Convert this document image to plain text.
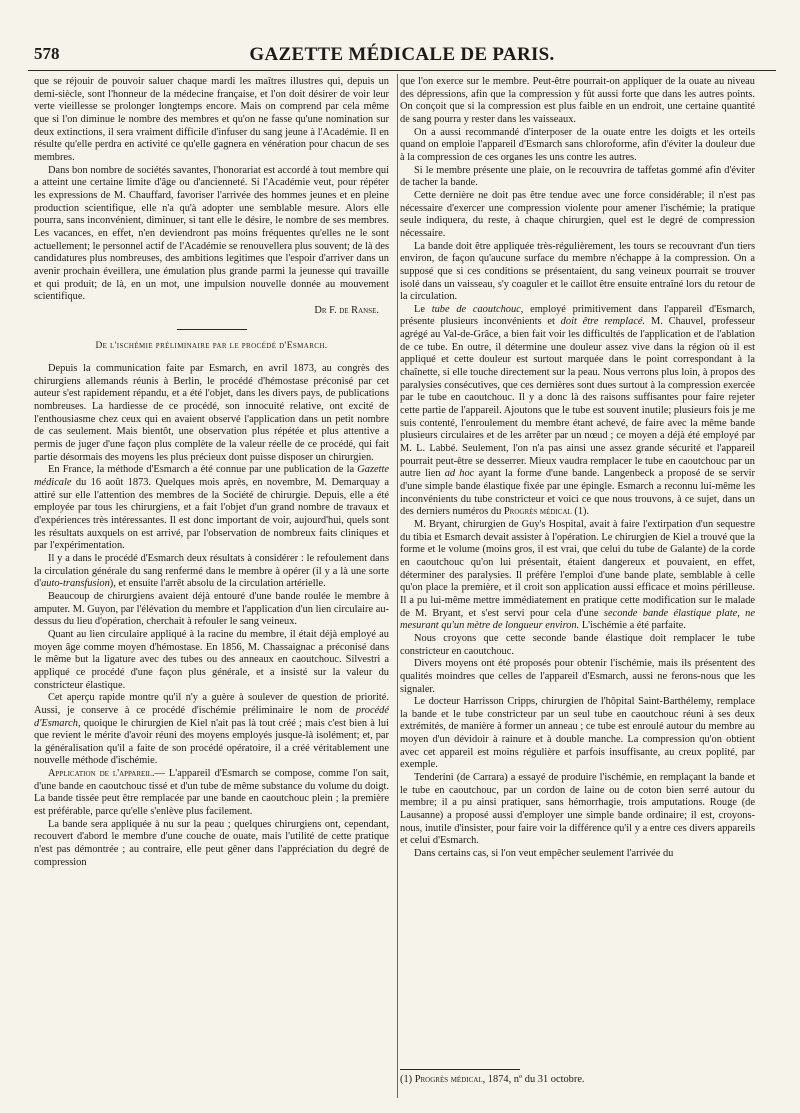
578	GAZETTE MÉDICALE DE PARIS.

que se réjouir de pouvoir saluer chaque mardi les maîtres illustres qui, depuis un demi-siècle, sont l'honneur de la médecine française, et l'on doit désirer de voir leur verte vieillesse se prolonger longtemps encore. Mais on comprend par cela même que si l'on diminue le nombre des membres et qu'on ne fasse qu'une nomination sur deux extinctions, il sera vraiment difficile d'infuser du sang jeune à l'Académie. Il en résulte qu'elle perdra en activité ce qu'elle gagnera en vénération pour chacun de ses membres.

Dans bon nombre de sociétés savantes, l'honorariat est accordé à tout membre qui a atteint une certaine limite d'âge ou d'ancienneté. Si l'Académie veut, pour répéter les expressions de M. Chauffard, favoriser l'arrivée des hommes jeunes et en pleine production scientifique, elle n'a qu'à adopter une semblable mesure. Alors elle pourra, sans inconvénient, diminuer, si tant elle le désire, le nombre de ses membres. Les vacances, en effet, n'en deviendront pas moins fréquentes qu'elles ne le sont actuellement; le personnel actif de l'Académie se renouvellera plus souvent; de là des candidatures plus nombreuses, des ambitions legitimes que l'espoir d'arriver dans un avenir prochain éveillera, une émulation plus grande parmi la jeunesse qui travaille et qui produit; de là, en un mot, une impulsion nouvelle donnée au mouvement scientifique.

Dr F. de Ranse.

De l'ischémie préliminaire par le procédé d'Esmarch.

Depuis la communication faite par Esmarch, en avril 1873, au congrès des chirurgiens allemands réunis à Berlin, le procédé d'hémostase préconisé par cet auteur s'est rapidement répandu, et a été l'objet, dans les divers pays, de publications nombreuses. La hardiesse de ce procédé, son innocuité relative, ont excité de l'enthousiasme chez ceux qui en avaient observé l'application dans un petit nombre de cas seulement. Mais bientôt, une observation plus répétée et plus attentive a permis de juger d'une façon plus complète de la valeur réelle de ce procédé, qui fait partie désormais des moyens les plus précieux dont puisse disposer un chirurgien.

En France, la méthode d'Esmarch a été connue par une publication de la Gazette médicale du 16 août 1873. Quelques mois après, en novembre, M. Demarquay a attiré sur elle l'attention des membres de la Société de chirurgie. Depuis, elle a été employée par tous les chirurgiens, et a fait l'objet d'un grand nombre de travaux et d'expériences très intéressantes. Il est donc important de voir, aujourd'hui, quels sont les résultats auxquels on est arrivé, par l'observation de nombreux faits cliniques et par l'expérimentation.

Il y a dans le procédé d'Esmarch deux résultats à considérer : le refoulement dans la circulation générale du sang renfermé dans le membre à opérer (il y a là une sorte d'auto-transfusion), et ensuite l'arrêt absolu de la circulation artérielle.

Beaucoup de chirurgiens avaient déjà entouré d'une bande roulée le membre à amputer. M. Guyon, par l'élévation du membre et l'application d'un lien circulaire au-dessus du lieu d'opération, cherchait à refouler le sang veineux.

Quant au lien circulaire appliqué à la racine du membre, il était déjà employé au moyen âge comme moyen d'hémostase. En 1856, M. Chassaignac a préconisé dans le même but la ligature avec des tubes ou des anneaux en caoutchouc. Silvestri a appliqué ce procédé d'une façon plus générale, et a insisté sur la valeur du constricteur élastique.

Cet aperçu rapide montre qu'il n'y a guère à soulever de question de priorité. Aussi, je conserve à ce procédé d'ischémie préliminaire le nom de procédé d'Esmarch, quoique le chirurgien de Kiel n'ait pas là tout créé ; mais c'est bien à lui que revient le mérite d'avoir réuni des moyens employés jusque-là isolément; et, par la généralisation qu'il a faite de son procédé opératoire, il a créé véritablement une nouvelle méthode d'ischémie.

Application de l'appareil.— L'appareil d'Esmarch se compose, comme l'on sait, d'une bande en caoutchouc tissé et d'un tube de même substance du volume du doigt. La bande tissée peut être remplacée par une bande en caoutchouc plein ; la première est préférable, parce qu'elle s'enlève plus facilement.

La bande sera appliquée à nu sur la peau ; quelques chirurgiens ont, cependant, recouvert d'abord le membre d'une couche de ouate, mais l'utilité de cette pratique n'est pas démontrée ; au contraire, elle peut gêner dans l'appréciation du degré de compression

que l'on exerce sur le membre. Peut-être pourrait-on appliquer de la ouate au niveau des dépressions, afin que la compression y fût aussi forte que dans les autres points. On conçoit que si la compression est plus faible en un endroit, une certaine quantité de sang pourra y rester dans les vaisseaux.

On a aussi recommandé d'interposer de la ouate entre les doigts et les orteils quand on emploie l'appareil d'Esmarch sans chloroforme, afin d'éviter la douleur due à la compression de ces organes les uns contre les autres.

Si le membre présente une plaie, on le recouvrira de taffetas gommé afin d'éviter de tacher la bande.

Cette dernière ne doit pas être tendue avec une force considérable; il n'est pas nécessaire d'exercer une compression violente pour amener l'ischémie; la pratique seule indiquera, du reste, à chaque chirurgien, quel est le degré de compression nécessaire.

La bande doit être appliquée très-régulièrement, les tours se recouvrant d'un tiers environ, de façon qu'aucune surface du membre n'échappe à la compression. On a supposé que si ces conditions se présentaient, du sang veineux pourrait se trouver isolé dans un vaisseau, s'y coaguler et le caillot être ensuite entraîné lors du retour de la circulation.

Le tube de caoutchouc, employé primitivement dans l'appareil d'Esmarch, présente plusieurs inconvénients et doit être remplacé. M. Chauvel, professeur agrégé au Val-de-Grâce, a bien fait voir les difficultés de l'application et de l'ablation de ce tube. En outre, il détermine une douleur assez vive dans la région où il est appliqué et cette douleur est surtout marquée dans le point correspondant à la chaînette, si elle touche directement sur la peau. Nous verrons plus loin, à propos des paralysies consécutives, que ces dernières sont dues surtout à la compression exercée par le tube en caoutchouc. Il y a donc là des raisons suffisantes pour faire rejeter cette partie de l'appareil. Ajoutons que le tube est souvent inutile; plusieurs fois je me suis contenté, l'enroulement du membre étant achevé, de faire avec la même bande plusieurs circulaires et de les arrêter par un nœud ; ce moyen a déjà été employé par M. L. Labbé. Seulement, l'on n'a pas ainsi une assez grande sécurité et l'appareil pourrait peut-être se desserrer. Mieux vaudra remplacer le tube en caoutchouc par un autre lien ad hoc ayant la forme d'une bande. Langenbeck a proposé de se servir d'une simple bande élastique fixée par une épingle. Esmarch a reconnu lui-même les inconvénients du tube constricteur et voici ce que nous trouvons, à ce sujet, dans un des derniers numéros du Progrès médical (1).

M. Bryant, chirurgien de Guy's Hospital, avait à faire l'extirpation d'un sequestre du tibia et Esmarch devait assister à l'opération. Le chirurgien de Kiel a trouvé que la forme et le volume (moins gros, il est vrai, que celui du tube de Galante) de la corde en caoutchouc qu'on lui présentait, étaient dangereux et pouvaient, en effet, déterminer des paralysies. Il préfère l'emploi d'une bande plate, semblable à celle qu'on place la première, et il croit son application aussi efficace et moins périlleuse. Il a pu lui-même mettre immédiatement en pratique cette modification sur le malade de M. Bryant, et s'est servi pour cela d'une seconde bande élastique plate, ne mesurant qu'un mètre de longueur environ. L'ischémie a été parfaite.

Nous croyons que cette seconde bande élastique doit remplacer le tube constricteur en caoutchouc.

Divers moyens ont été proposés pour obtenir l'ischémie, mais ils présentent des qualités moindres que celles de l'appareil d'Esmarch, aussi ne ferons-nous que les signaler.

Le docteur Harrisson Cripps, chirurgien de l'hôpital Saint-Barthélemy, remplace la bande et le tube constricteur par un seul tube en caoutchouc réuni à ses deux extrémités, de manière à former un anneau ; ce tube est enroulé autour du membre au moyen d'un dévidoir à rainure et à double manche. La compression qu'on obtient avec cet appareil est moins régulière et parfois insuffisante, au creux poplité, par exemple.

Tenderini (de Carrara) a essayé de produire l'ischémie, en remplaçant la bande et le tube en caoutchouc, par un cordon de laine ou de coton bien serré autour du membre; il a pu ainsi pratiquer, sans hémorrhagie, trois amputations. Rouge (de Lausanne) a proposé aussi d'employer une simple bande ordinaire; il est, croyons-nous, inutile d'insister, pour faire voir la différence qu'il y a entre ces divers appareils et celui d'Esmarch.

Dans certains cas, si l'on veut empêcher seulement l'arrivée du

(1) Progrès médical, 1874, nº du 31 octobre.
